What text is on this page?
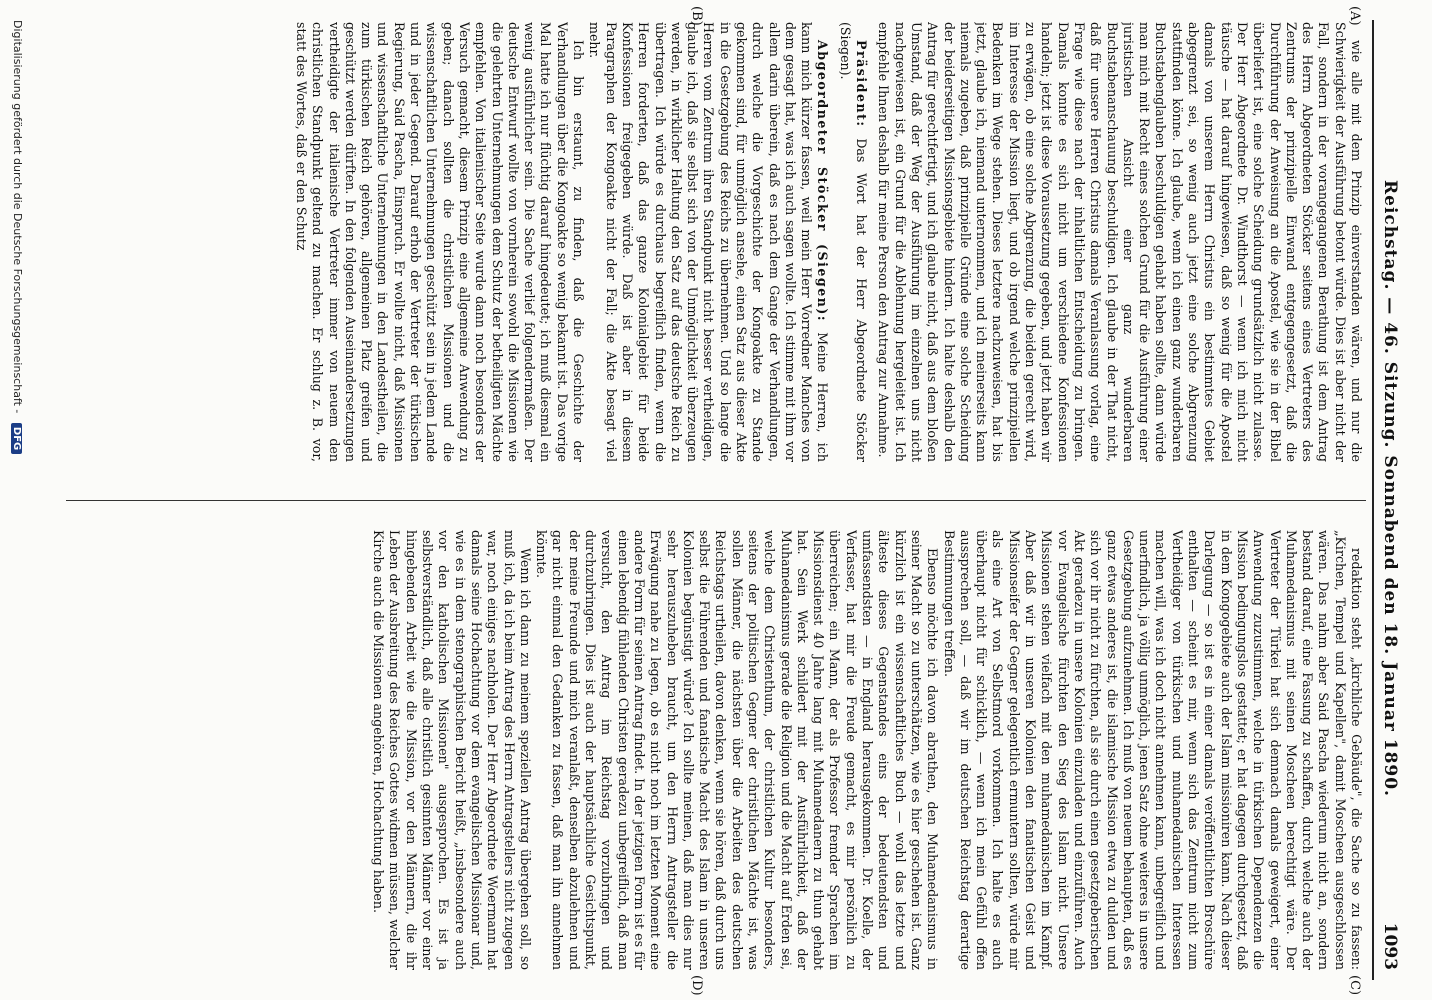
Reichstag. — 46. Sitzung. Sonnabend den 18. Januar 1890.
1093
(A)
(B)
(C)
(D)

wie alle mit dem Prinzip einverstanden wären, und nur die Schwierigkeit der Ausführung betont würde. Dies ist aber nicht der Fall, sondern in der vorangegangenen Berathung ist dem Antrag des Herrn Abgeordneten Stöcker seitens eines Vertreters des Zentrums der prinzipielle Einwand entgegengesetzt, daß die Durchführung der Anweisung an die Apostel, wie sie in der Bibel überliefert ist, eine solche Scheidung grundsätzlich nicht zulasse. Der Herr Abgeordnete Dr. Windthorst — wenn ich mich nicht täusche — hat darauf hingewiesen, daß so wenig für die Apostel damals von unserem Herrn Christus ein bestimmtes Gebiet abgegrenzt sei, so wenig auch jetzt eine solche Abgrenzung stattfinden könne. Ich glaube, wenn ich einen ganz wunderbaren Buchstabenglauben beschuldigen gehabt haben sollte, dann würde man mich mit Recht eines solchen Grund für die Ausführung einer juristischen Ansicht einer ganz wunderbaren Buchstabenanschauung beschuldigen. Ich glaube in der That nicht, daß für unsere Herren Christus damals Veranlassung vorlag, eine Frage wie diese nach der inhaltlichen Entscheidung zu bringen. Damals konnte es sich nicht um verschiedene Konfessionen handeln; jetzt ist diese Voraussetzung gegeben, und jetzt haben wir zu erwägen, ob eine solche Abgrenzung, die beiden gerecht wird, im Interesse der Mission liegt, und ob irgend welche prinzipiellen Bedenken im Wege stehen. Dieses letztere nachzuweisen, hat bis jetzt, glaube ich, niemand unternommen, und ich meinerseits kann niemals zugeben, daß prinzipielle Gründe eine solche Scheidung der beiderseitigen Missionsgebiete hindern. Ich halte deshalb den Antrag für gerechtfertigt, und ich glaube nicht, daß aus dem bloßen Umstand, daß der Weg der Ausführung im einzelnen uns nicht nachgewiesen ist, ein Grund für die Ablehnung hergeleitet ist. Ich empfehle Ihnen deshalb für meine Person den Antrag zur Annahme.

Präsident: Das Wort hat der Herr Abgeordnete Stöcker (Siegen).

Abgeordneter Stöcker (Siegen): Meine Herren, ich kann mich kürzer fassen, weil mein Herr Vorredner Manches von dem gesagt hat, was ich auch sagen wollte. Ich stimme mit ihm vor allem darin überein, daß es nach dem Gange der Verhandlungen, durch welche die Vorgeschichte der Kongoakte zu Stande gekommen sind, für unmöglich ansehe, einen Satz aus dieser Akte in die Gesetzgebung des Reichs zu übernehmen. Und so lange die Herren vom Zentrum ihren Standpunkt nicht besser vertheidigen, glaube ich, daß sie selbst sich von der Unmöglichkeit überzeugen werden, in wirklicher Haltung den Satz auf das deutsche Reich zu übertragen. Ich würde es durchaus begreiflich finden, wenn die Herren forderten, daß das ganze Kolonialgebiet für beide Konfessionen freigegeben würde. Daß ist aber in diesem Paragraphen der Kongoakte nicht der Fall; die Akte besagt viel mehr.

Ich bin erstaunt, zu finden, daß die Geschichte der Verhandlungen über die Kongoakte so wenig bekannt ist. Das vorige Mal hatte ich nur flüchtig darauf hingedeutet; ich muß diesmal ein wenig ausführlicher sein. Die Sache verlief folgendermaßen. Der deutsche Entwurf wollte von vornherein sowohl die Missionen wie die gelehrten Unternehmungen dem Schutz der betheiligten Mächte empfehlen. Von italienischer Seite wurde dann noch besonders der Versuch gemacht, diesem Prinzip eine allgemeine Anwendung zu geben; danach sollten die christlichen Missionen und die wissenschaftlichen Unternehmungen geschützt sein in jedem Lande und in jeder Gegend. Darauf erhob der Vertreter der türkischen Regierung, Said Pascha, Einspruch. Er wollte nicht, daß Missionen und wissenschaftliche Unternehmungen in den Landestheilen, die zum türkischen Reich gehören, allgemeinen Platz greifen und geschützt werden dürften. In den folgenden Auseinandersetzungen vertheidigte der italienische Vertreter immer von neuem den christlichen Standpunkt geltend zu machen. Er schlug z. B. vor, statt des Wortes, daß er den Schutz

redaktion steht „kirchliche Gebäude", die Sache so zu fassen: „Kirchen, Tempel und Kapellen", damit Moscheen ausgeschlossen wären. Das nahm aber Said Pascha wiederum nicht an, sondern bestand darauf, eine Fassung zu schaffen, durch welche auch der Muhamedanismus mit seinen Moscheen berechtigt wäre. Der Vertreter der Türkei hat sich demnach damals geweigert, einer Anwendung zuzustimmen, welche in türkischen Dependenzen die Mission bedingungslos gestattet; er hat dagegen durchgesetzt, daß in dem Kongogebiete auch der Islam missioniren kann. Nach dieser Darlegung — so ist es in einer damals veröffentlichten Broschüre enthalten — scheint es mir, wenn sich das Zentrum nicht zum Vertheidiger von türkischen und muhamedanischen Interessen machen will, was ich doch nicht annehmen kann, unbegreiflich und unerfindlich, ja völlig unmöglich, jenen Satz ohne weiteres in unsere Gesetzgebung aufzunehmen. Ich muß von neuem behaupten, daß es ganz etwas anderes ist, die islamische Mission etwa zu dulden und sich vor ihr nicht zu fürchten, als sie durch einen gesetzgeberischen Akt geradezu in unsere Kolonien einzuladen und einzuführen. Auch vor Evangelische fürchten den Sieg des Islam nicht. Unsere Missionen stehen vielfach mit den muhamedanischen im Kampf. Aber daß wir in unseren Kolonien den fanatischen Geist und Missionseifer der Gegner gelegentlich ermuntern sollten, würde mir als eine Art von Selbstmord vorkommen. Ich halte es auch überhaupt nicht für schicklich, — wenn ich mein Gefühl offen aussprechen soll, — daß wir im deutschen Reichstag derartige Bestimmungen treffen.

Ebenso möchte ich davon abrathen, den Muhamedanismus in seiner Macht so zu unterschätzen, wie es hier geschehen ist. Ganz kürzlich ist ein wissenschaftliches Buch — wohl das letzte und älteste dieses Gegenstandes eins der bedeutendsten und umfassendsten — in England herausgekommen. Dr. Koelle, der Verfasser, hat mir die Freude gemacht, es mir persönlich zu überreichen; ein Mann, der als Professor fremder Sprachen im Missionsdienst 40 Jahre lang mit Muhamedanern zu thun gehabt hat. Sein Werk schildert mit der Ausführlichkeit, daß der Muhamedanismus gerade die Religion und die Macht auf Erden sei, welche dem Christenthum, der christlichen Kultur besonders, seitens der politischen Gegner der christlichen Mächte ist, was sollen Männer, die nächsten über die Arbeiten des deutschen Reichstags urtheilen, davon denken, wenn sie hören, daß durch uns selbst die Führenden und fanatische Macht des Islam in unseren Kolonien begünstigt würde? Ich sollte meinen, daß man dies nur sehr herauszuheben braucht, um den Herrn Antragsteller die Erwägung nahe zu legen, ob es nicht noch im letzten Moment eine andere Form für seinen Antrag findet. In der jetzigen Form ist es für einen lebendig fühlenden Christen geradezu unbegreiflich, daß man versucht, den Antrag im Reichstag vorzubringen und durchzubringen. Dies ist auch der hauptsächliche Gesichtspunkt, der meine Freunde und mich veranlaßt, denselben abzulehnen und gar nicht einmal den Gedanken zu fassen, daß man ihn annehmen könnte.

Wenn ich dann zu meinem speziellen Antrag übergehen soll, so muß ich, da ich beim Antrag des Herrn Antragstellers nicht zugegen war, noch einiges nachholen. Der Herr Abgeordnete Woermann hat damals seine Hochachtung vor dem evangelischen Missionar und, wie es in dem stenographischen Bericht heißt, „insbesondere auch vor den katholischen Missionen" ausgesprochen. Es ist ja selbstverständlich, daß alle christlich gesinnten Männer vor einer hingebenden Arbeit wie die Mission, vor den Männern, die ihr Leben der Ausbreitung des Reiches Gottes widmen müssen, welcher Kirche auch die Missionen angehören, Hochachtung haben.

Digitalisierung gefördert durch die Deutsche Forschungsgemeinschaft - DFG
